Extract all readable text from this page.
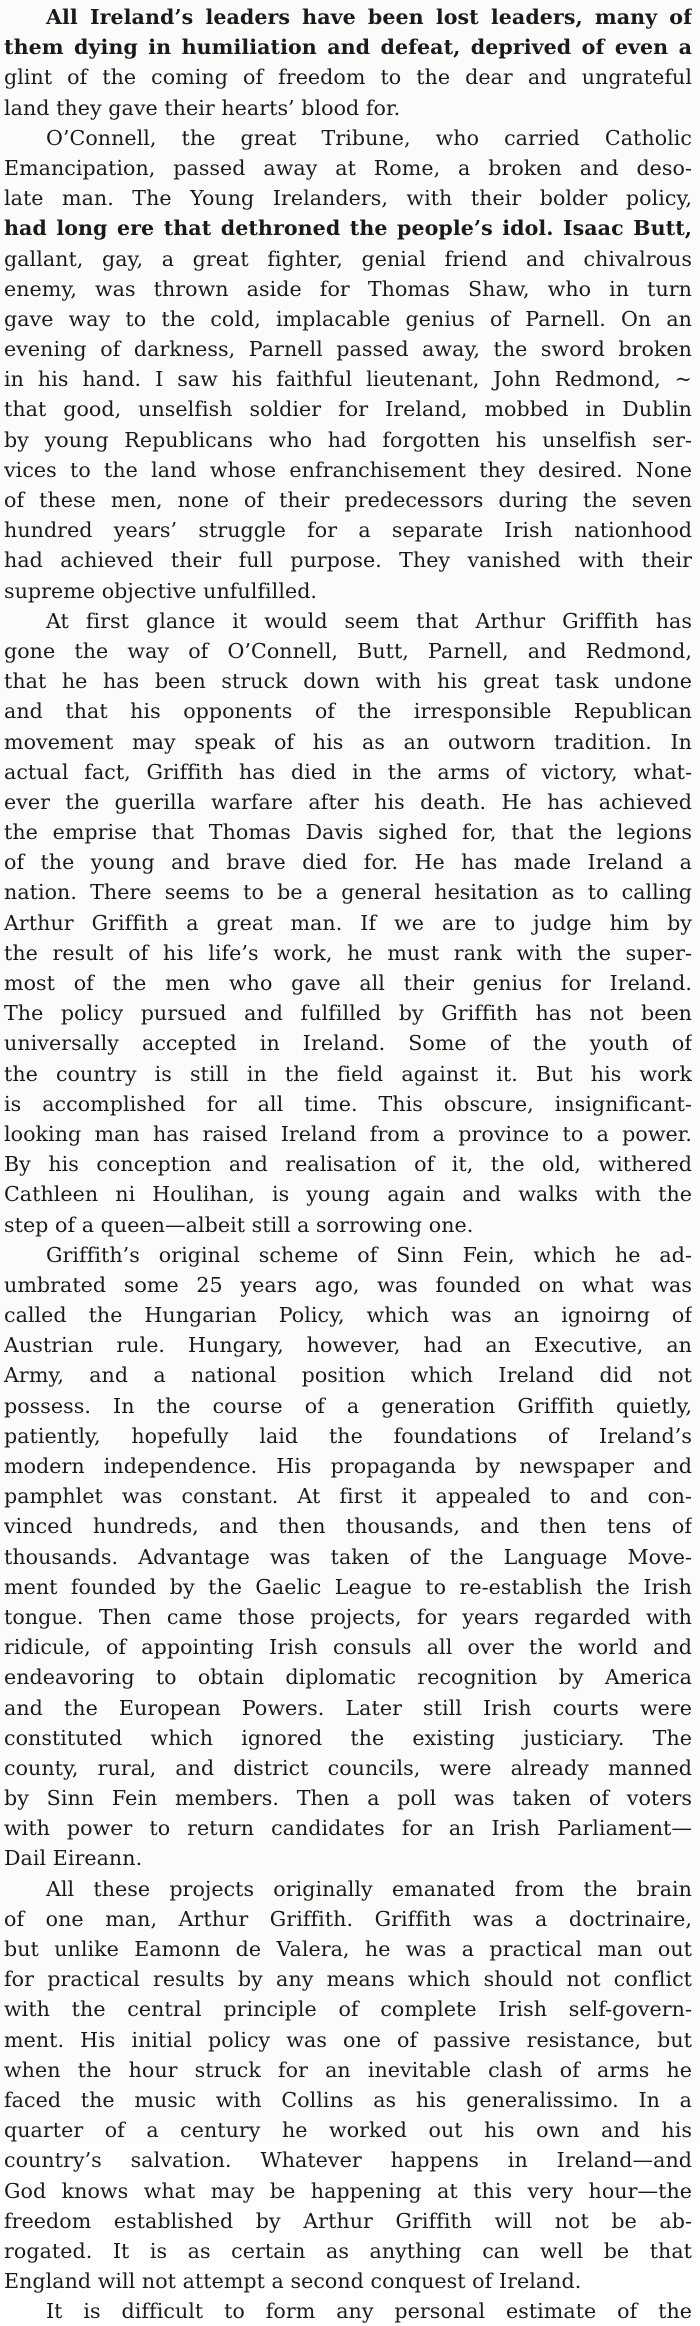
All Ireland’s leaders have been lost leaders, many of
them dying in humiliation and defeat, deprived of even a
glint of the coming of freedom to the dear and ungrateful
land they gave their hearts’ blood for.
O’Connell, the great Tribune, who carried Catholic
Emancipation, passed away at Rome, a broken and deso-
late man. The Young Irelanders, with their bolder policy,
had long ere that dethroned the people’s idol. Isaac Butt,
gallant, gay, a great fighter, genial friend and chivalrous
enemy, was thrown aside for Thomas Shaw, who in turn
gave way to the cold, implacable genius of Parnell. On an
evening of darkness, Parnell passed away, the sword broken
in his hand. I saw his faithful lieutenant, John Redmond, ~
that good, unselfish soldier for Ireland, mobbed in Dublin
by young Republicans who had forgotten his unselfish ser-
vices to the land whose enfranchisement they desired. None
of these men, none of their predecessors during the seven
hundred years’ struggle for a separate Irish nationhood
had achieved their full purpose. They vanished with their
supreme objective unfulfilled.
At first glance it would seem that Arthur Griffith has
gone the way of O’Connell, Butt, Parnell, and Redmond,
that he has been struck down with his great task undone
and that his opponents of the irresponsible Republican
movement may speak of his as an outworn tradition. In
actual fact, Griffith has died in the arms of victory, what-
ever the guerilla warfare after his death. He has achieved
the emprise that Thomas Davis sighed for, that the legions
of the young and brave died for. He has made Ireland a
nation. There seems to be a general hesitation as to calling
Arthur Griffith a great man. If we are to judge him by
the result of his life’s work, he must rank with the super-
most of the men who gave all their genius for Ireland.
The policy pursued and fulfilled by Griffith has not been
universally accepted in Ireland. Some of the youth of
the country is still in the field against it. But his work
is accomplished for all time. This obscure, insignificant-
looking man has raised Ireland from a province to a power.
By his conception and realisation of it, the old, withered
Cathleen ni Houlihan, is young again and walks with the
step of a queen—albeit still a sorrowing one.
Griffith’s original scheme of Sinn Fein, which he ad-
umbrated some 25 years ago, was founded on what was
called the Hungarian Policy, which was an ignoirng of
Austrian rule. Hungary, however, had an Executive, an
Army, and a national position which Ireland did not
possess. In the course of a generation Griffith quietly,
patiently, hopefully laid the foundations of Ireland’s
modern independence. His propaganda by newspaper and
pamphlet was constant. At first it appealed to and con-
vinced hundreds, and then thousands, and then tens of
thousands. Advantage was taken of the Language Move-
ment founded by the Gaelic League to re-establish the Irish
tongue. Then came those projects, for years regarded with
ridicule, of appointing Irish consuls all over the world and
endeavoring to obtain diplomatic recognition by America
and the European Powers. Later still Irish courts were
constituted which ignored the existing justiciary. The
county, rural, and district councils, were already manned
by Sinn Fein members. Then a poll was taken of voters
with power to return candidates for an Irish Parliament—
Dail Eireann.
All these projects originally emanated from the brain
of one man, Arthur Griffith. Griffith was a doctrinaire,
but unlike Eamonn de Valera, he was a practical man out
for practical results by any means which should not conflict
with the central principle of complete Irish self-govern-
ment. His initial policy was one of passive resistance, but
when the hour struck for an inevitable clash of arms he
faced the music with Collins as his generalissimo. In a
quarter of a century he worked out his own and his
country’s salvation. Whatever happens in Ireland—and
God knows what may be happening at this very hour—the
freedom established by Arthur Griffith will not be ab-
rogated. It is as certain as anything can well be that
England will not attempt a second conquest of Ireland.
It is difficult to form any personal estimate of the
